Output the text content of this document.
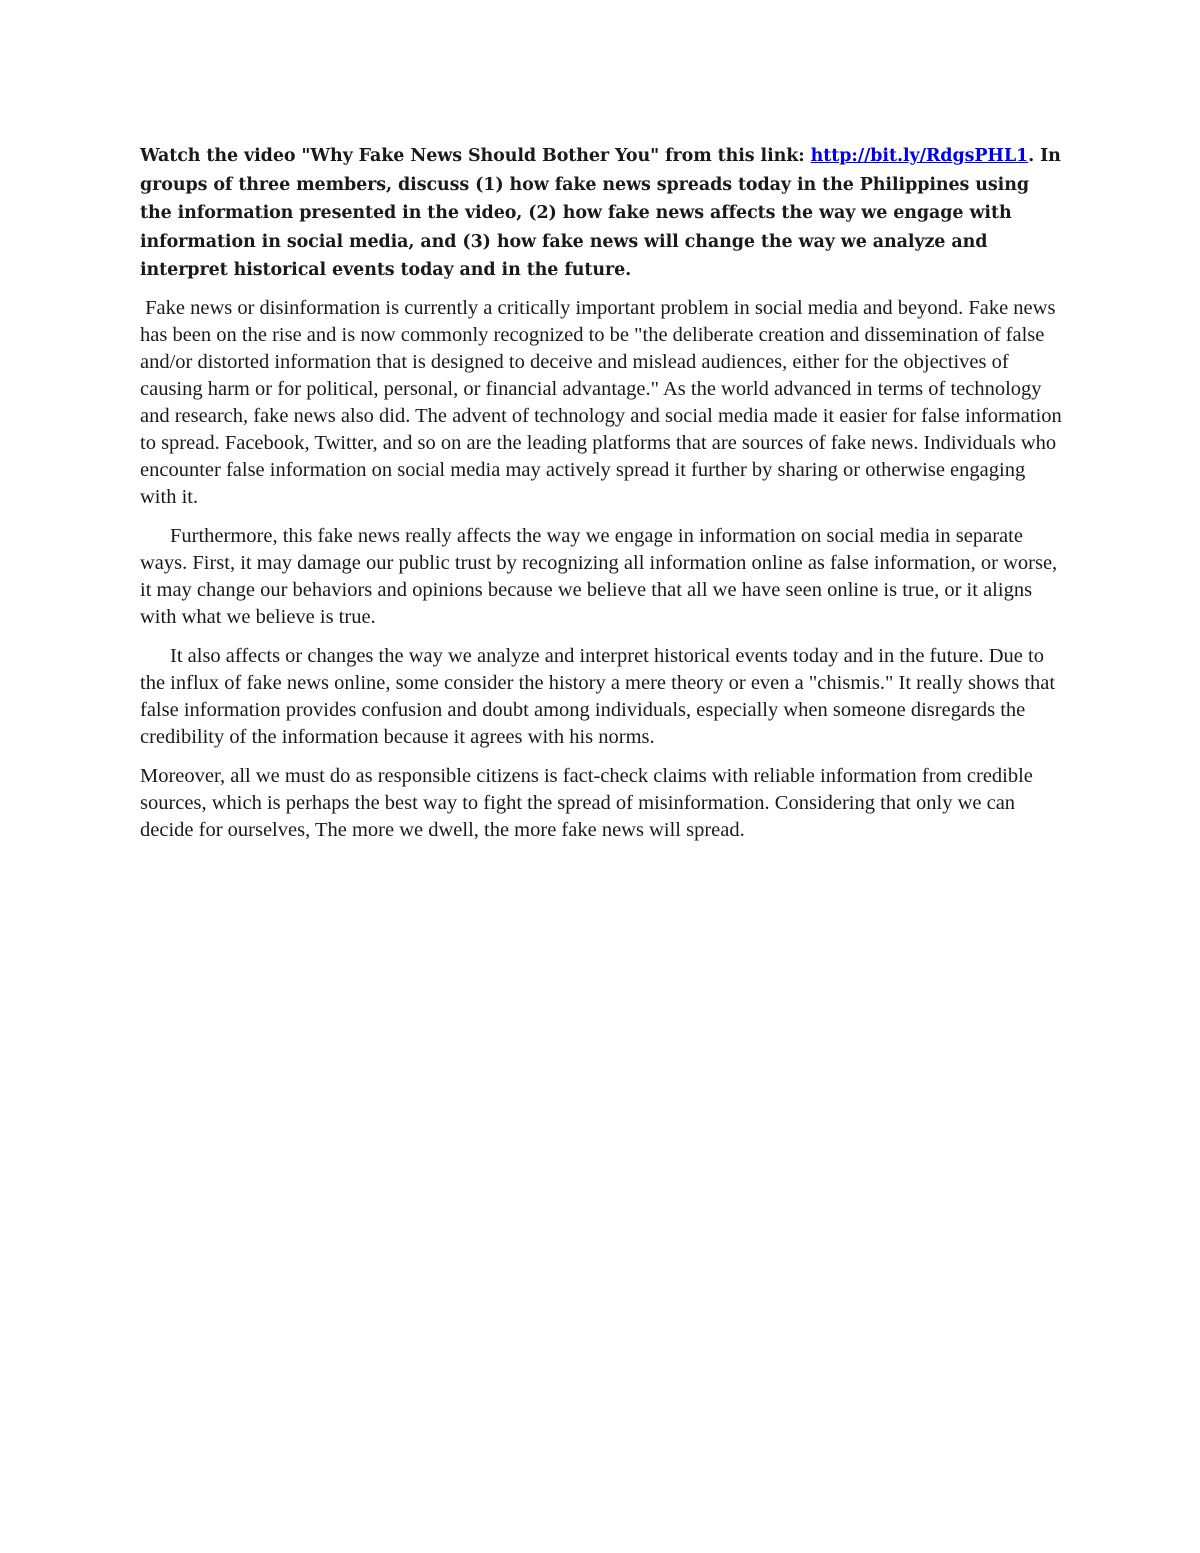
Watch the video "Why Fake News Should Bother You" from this link: http://bit.ly/RdgsPHL1. In groups of three members, discuss (1) how fake news spreads today in the Philippines using the information presented in the video, (2) how fake news affects the way we engage with information in social media, and (3) how fake news will change the way we analyze and interpret historical events today and in the future.

Fake news or disinformation is currently a critically important problem in social media and beyond. Fake news has been on the rise and is now commonly recognized to be "the deliberate creation and dissemination of false and/or distorted information that is designed to deceive and mislead audiences, either for the objectives of causing harm or for political, personal, or financial advantage." As the world advanced in terms of technology and research, fake news also did. The advent of technology and social media made it easier for false information to spread. Facebook, Twitter, and so on are the leading platforms that are sources of fake news. Individuals who encounter false information on social media may actively spread it further by sharing or otherwise engaging with it.

Furthermore, this fake news really affects the way we engage in information on social media in separate ways. First, it may damage our public trust by recognizing all information online as false information, or worse, it may change our behaviors and opinions because we believe that all we have seen online is true, or it aligns with what we believe is true.

It also affects or changes the way we analyze and interpret historical events today and in the future. Due to the influx of fake news online, some consider the history a mere theory or even a "chismis." It really shows that false information provides confusion and doubt among individuals, especially when someone disregards the credibility of the information because it agrees with his norms.

Moreover, all we must do as responsible citizens is fact-check claims with reliable information from credible sources, which is perhaps the best way to fight the spread of misinformation. Considering that only we can decide for ourselves, The more we dwell, the more fake news will spread.
